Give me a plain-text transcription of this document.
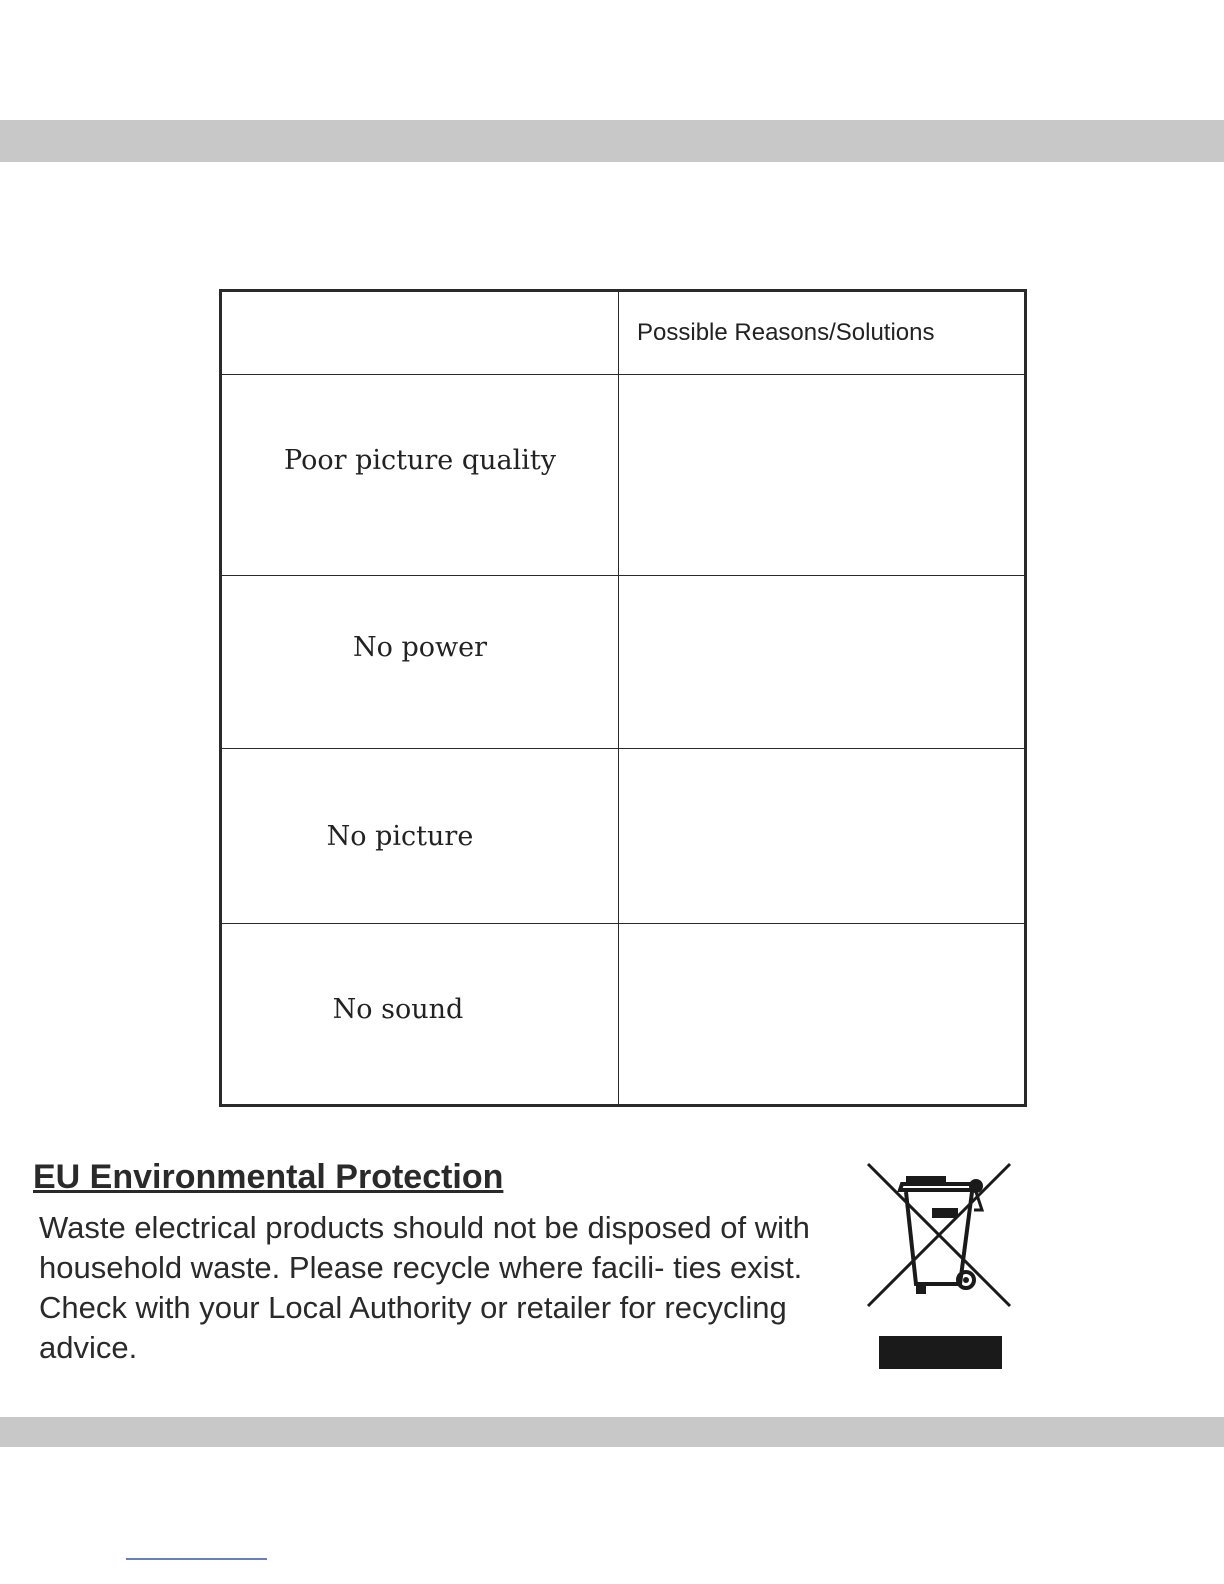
	Possible Reasons/Solutions

Poor picture quality	

No power	

No picture	

No sound	

EU Environmental Protection

Waste electrical products should not be disposed of with household waste. Please recycle where facili- ties exist. Check with your Local Authority or retailer for recycling advice.
